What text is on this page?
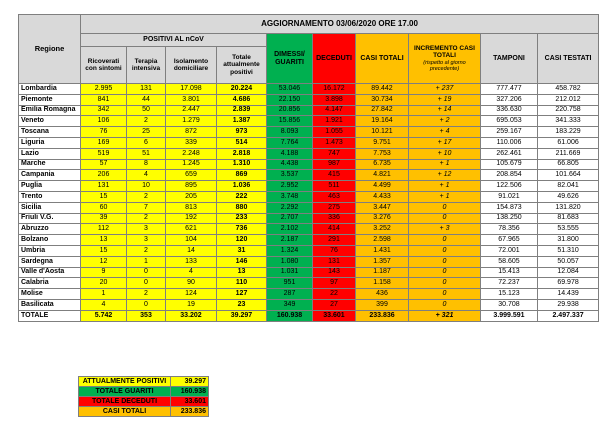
Regione	AGGIORNAMENTO 03/06/2020 ORE 17.00									
	POSITIVI AL nCoV				DIMESSI/ GUARITI	DECEDUTI	CASI TOTALI	INCREMENTO CASI TOTALI
(rispetto al giorno precedente)	TAMPONI	CASI TESTATI
	Ricoverati con sintomi	Terapia intensiva	Isolamento domiciliare	Totale attualmente positivi						
Lombardia	2.995	131	17.098	20.224	53.046	16.172	89.442	+ 237	777.477	458.782
Piemonte	841	44	3.801	4.686	22.150	3.898	30.734	+ 19	327.206	212.012
Emilia Romagna	342	50	2.447	2.839	20.856	4.147	27.842	+ 14	336.630	220.758
Veneto	106	2	1.279	1.387	15.856	1.921	19.164	+ 2	695.053	341.333
Toscana	76	25	872	973	8.093	1.055	10.121	+ 4	259.167	183.229
Liguria	169	6	339	514	7.764	1.473	9.751	+ 17	110.006	61.006
Lazio	519	51	2.248	2.818	4.188	747	7.753	+ 10	262.461	211.669
Marche	57	8	1.245	1.310	4.438	987	6.735	+ 1	105.679	66.805
Campania	206	4	659	869	3.537	415	4.821	+ 12	208.854	101.664
Puglia	131	10	895	1.036	2.952	511	4.499	+ 1	122.506	82.041
Trento	15	2	205	222	3.748	463	4.433	+ 1	91.021	49.626
Sicilia	60	7	813	880	2.292	275	3.447	0	154.873	131.820
Friuli V.G.	39	2	192	233	2.707	336	3.276	0	138.250	81.683
Abruzzo	112	3	621	736	2.102	414	3.252	+ 3	78.356	53.555
Bolzano	13	3	104	120	2.187	291	2.598	0	67.965	31.800
Umbria	15	2	14	31	1.324	76	1.431	0	72.001	51.310
Sardegna	12	1	133	146	1.080	131	1.357	0	58.605	50.057
Valle d'Aosta	9	0	4	13	1.031	143	1.187	0	15.413	12.084
Calabria	20	0	90	110	951	97	1.158	0	72.237	69.978
Molise	1	2	124	127	287	22	436	0	15.123	14.439
Basilicata	4	0	19	23	349	27	399	0	30.708	29.938
TOTALE	5.742	353	33.202	39.297	160.938	33.601	233.836	+ 321	3.999.591	2.497.337
ATTUALMENTE POSITIVI	39.297
TOTALE GUARITI	160.938
TOTALE DECEDUTI	33.601
CASI TOTALI	233.836
